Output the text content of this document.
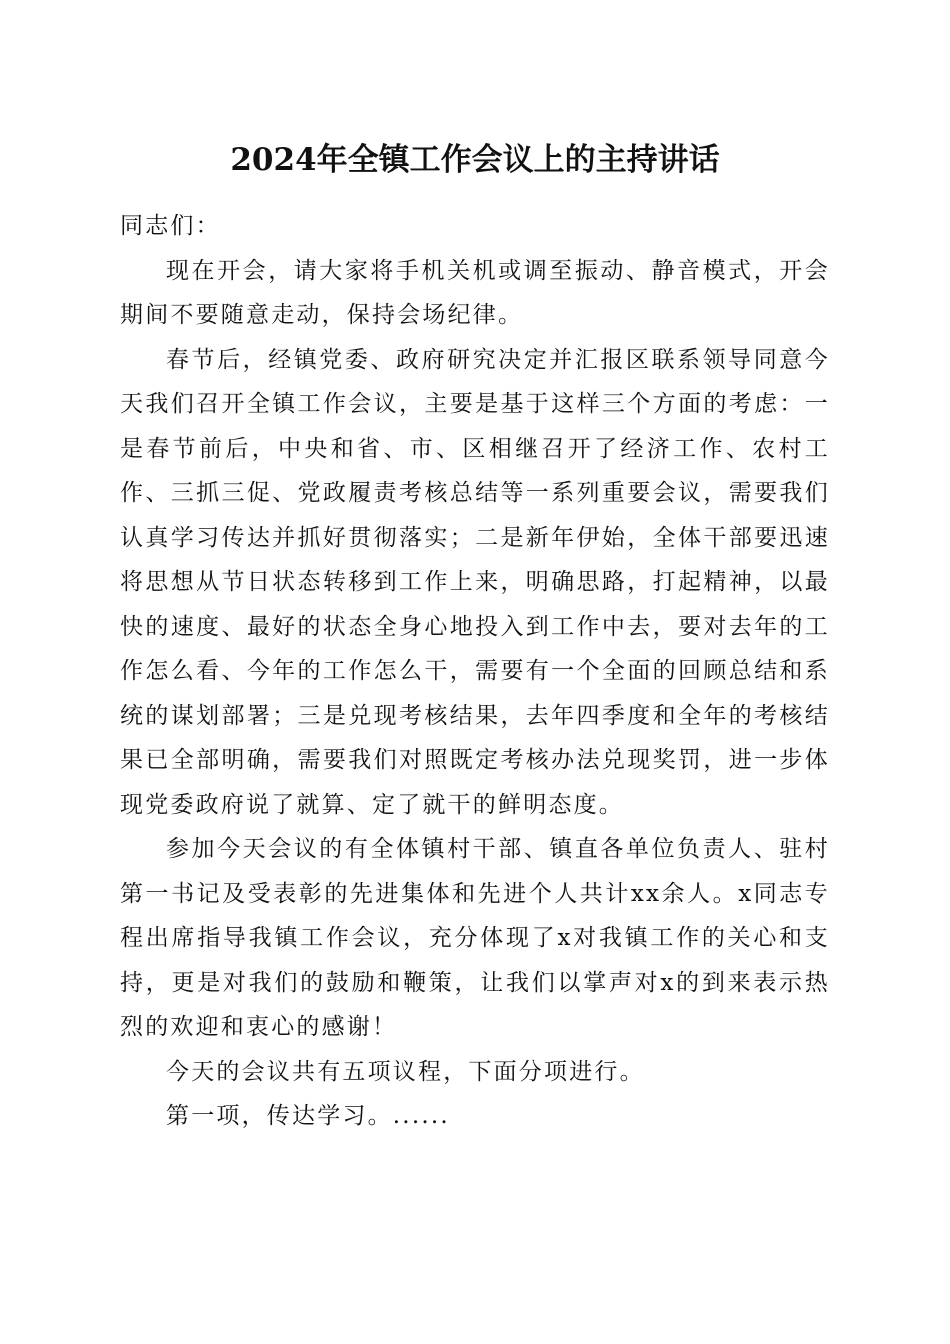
2024年全镇工作会议上的主持讲话

同志们：

现在开会，请大家将手机关机或调至振动、静音模式，开会期间不要随意走动，保持会场纪律。

春节后，经镇党委、政府研究决定并汇报区联系领导同意今天我们召开全镇工作会议，主要是基于这样三个方面的考虑：一是春节前后，中央和省、市、区相继召开了经济工作、农村工作、三抓三促、党政履责考核总结等一系列重要会议，需要我们认真学习传达并抓好贯彻落实；二是新年伊始，全体干部要迅速将思想从节日状态转移到工作上来，明确思路，打起精神，以最快的速度、最好的状态全身心地投入到工作中去，要对去年的工作怎么看、今年的工作怎么干，需要有一个全面的回顾总结和系统的谋划部署；三是兑现考核结果，去年四季度和全年的考核结果已全部明确，需要我们对照既定考核办法兑现奖罚，进一步体现党委政府说了就算、定了就干的鲜明态度。

参加今天会议的有全体镇村干部、镇直各单位负责人、驻村第一书记及受表彰的先进集体和先进个人共计xx余人。x同志专程出席指导我镇工作会议，充分体现了x对我镇工作的关心和支持，更是对我们的鼓励和鞭策，让我们以掌声对x的到来表示热烈的欢迎和衷心的感谢！

今天的会议共有五项议程，下面分项进行。

第一项，传达学习。......
